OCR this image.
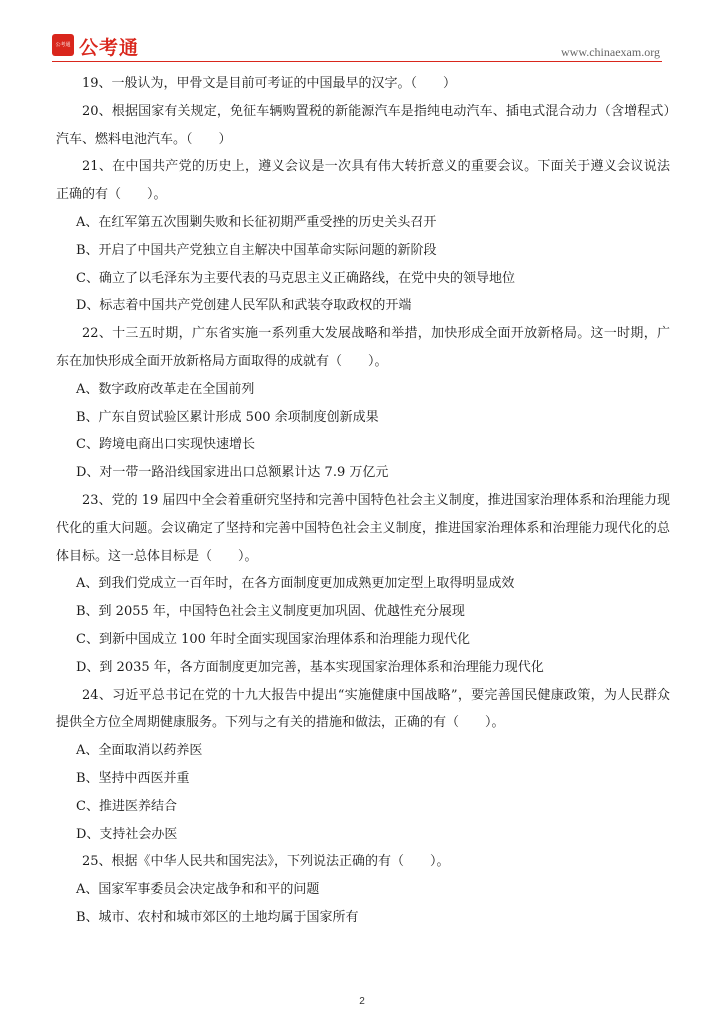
公考通 公考通	www.chinaexam.org

19、一般认为，甲骨文是目前可考证的中国最早的汉字。（　　）

20、根据国家有关规定，免征车辆购置税的新能源汽车是指纯电动汽车、插电式混合动力（含增程式）汽车、燃料电池汽车。（　　）

21、在中国共产党的历史上，遵义会议是一次具有伟大转折意义的重要会议。下面关于遵义会议说法正确的有（　　）。

A、在红军第五次围剿失败和长征初期严重受挫的历史关头召开

B、开启了中国共产党独立自主解决中国革命实际问题的新阶段

C、确立了以毛泽东为主要代表的马克思主义正确路线，在党中央的领导地位

D、标志着中国共产党创建人民军队和武装夺取政权的开端

22、十三五时期，广东省实施一系列重大发展战略和举措，加快形成全面开放新格局。这一时期，广东在加快形成全面开放新格局方面取得的成就有（　　）。

A、数字政府改革走在全国前列

B、广东自贸试验区累计形成 500 余项制度创新成果

C、跨境电商出口实现快速增长

D、对一带一路沿线国家进出口总额累计达 7.9 万亿元

23、党的 19 届四中全会着重研究坚持和完善中国特色社会主义制度，推进国家治理体系和治理能力现代化的重大问题。会议确定了坚持和完善中国特色社会主义制度，推进国家治理体系和治理能力现代化的总体目标。这一总体目标是（　　）。

A、到我们党成立一百年时，在各方面制度更加成熟更加定型上取得明显成效

B、到 2055 年，中国特色社会主义制度更加巩固、优越性充分展现

C、到新中国成立 100 年时全面实现国家治理体系和治理能力现代化

D、到 2035 年，各方面制度更加完善，基本实现国家治理体系和治理能力现代化

24、习近平总书记在党的十九大报告中提出“实施健康中国战略”，要完善国民健康政策，为人民群众提供全方位全周期健康服务。下列与之有关的措施和做法，正确的有（　　）。

A、全面取消以药养医

B、坚持中西医并重

C、推进医养结合

D、支持社会办医

25、根据《中华人民共和国宪法》，下列说法正确的有（　　）。

A、国家军事委员会决定战争和和平的问题

B、城市、农村和城市郊区的土地均属于国家所有

2
